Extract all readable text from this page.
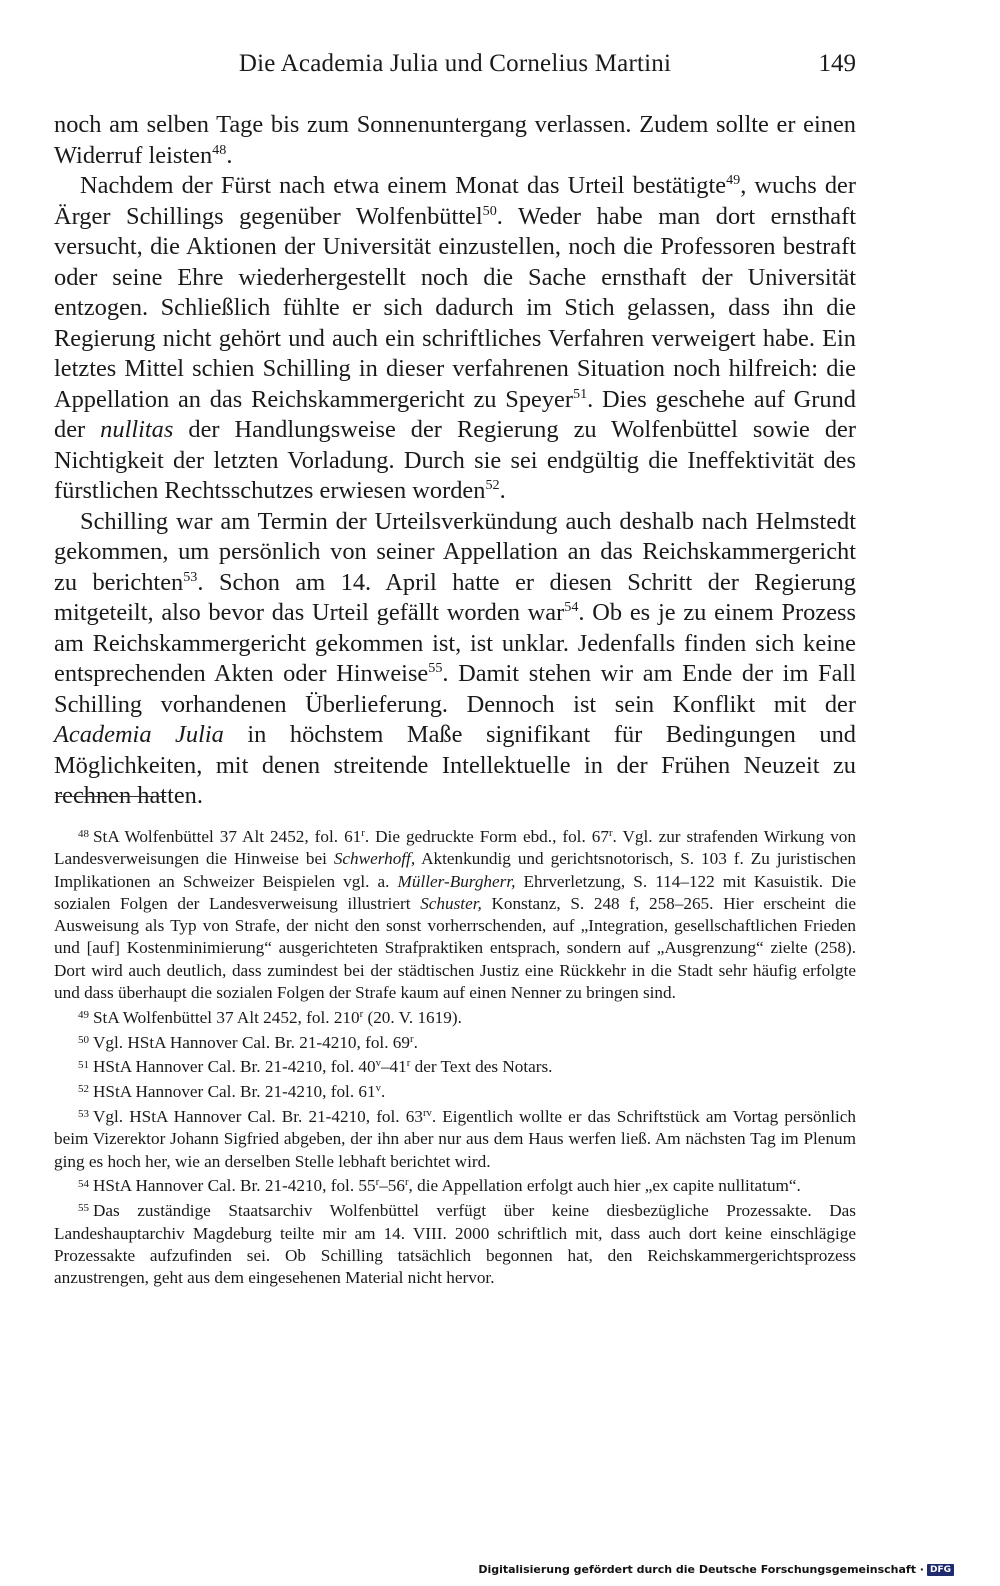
Die Academia Julia und Cornelius Martini	149

noch am selben Tage bis zum Sonnenuntergang verlassen. Zudem sollte er einen Widerruf leisten$^{48}$.

Nachdem der Fürst nach etwa einem Monat das Urteil bestätigte$^{49}$, wuchs der Ärger Schillings gegenüber Wolfenbüttel$^{50}$. Weder habe man dort ernsthaft versucht, die Aktionen der Universität einzustellen, noch die Professoren bestraft oder seine Ehre wiederhergestellt noch die Sache ernsthaft der Universität entzogen. Schließlich fühlte er sich dadurch im Stich gelassen, dass ihn die Regierung nicht gehört und auch ein schriftliches Verfahren verweigert habe. Ein letztes Mittel schien Schilling in dieser verfahrenen Situation noch hilfreich: die Appellation an das Reichskammergericht zu Speyer$^{51}$. Dies geschehe auf Grund der nullitas der Handlungsweise der Regierung zu Wolfenbüttel sowie der Nichtigkeit der letzten Vorladung. Durch sie sei endgültig die Ineffektivität des fürstlichen Rechtsschutzes erwiesen worden$^{52}$.

Schilling war am Termin der Urteilsverkündung auch deshalb nach Helmstedt gekommen, um persönlich von seiner Appellation an das Reichskammergericht zu berichten$^{53}$. Schon am 14. April hatte er diesen Schritt der Regierung mitgeteilt, also bevor das Urteil gefällt worden war$^{54}$. Ob es je zu einem Prozess am Reichskammergericht gekommen ist, ist unklar. Jedenfalls finden sich keine entsprechenden Akten oder Hinweise$^{55}$. Damit stehen wir am Ende der im Fall Schilling vorhandenen Überlieferung. Dennoch ist sein Konflikt mit der Academia Julia in höchstem Maße signifikant für Bedingungen und Möglichkeiten, mit denen streitende Intellektuelle in der Frühen Neuzeit zu rechnen hatten.

$^{48}$ StA Wolfenbüttel 37 Alt 2452, fol. 61$^r$. Die gedruckte Form ebd., fol. 67$^r$. Vgl. zur strafenden Wirkung von Landesverweisungen die Hinweise bei Schwerhoff, Aktenkundig und gerichtsnotorisch, S. 103 f. Zu juristischen Implikationen an Schweizer Beispielen vgl. a. Müller-Burgherr, Ehrverletzung, S. 114–122 mit Kasuistik. Die sozialen Folgen der Landesverweisung illustriert Schuster, Konstanz, S. 248 f, 258–265. Hier erscheint die Ausweisung als Typ von Strafe, der nicht den sonst vorherrschenden, auf „Integration, gesellschaftlichen Frieden und [auf] Kostenminimierung“ ausgerichteten Strafpraktiken entsprach, sondern auf „Ausgrenzung“ zielte (258). Dort wird auch deutlich, dass zumindest bei der städtischen Justiz eine Rückkehr in die Stadt sehr häufig erfolgte und dass überhaupt die sozialen Folgen der Strafe kaum auf einen Nenner zu bringen sind.

$^{49}$ StA Wolfenbüttel 37 Alt 2452, fol. 210$^r$ (20. V. 1619).

$^{50}$ Vgl. HStA Hannover Cal. Br. 21-4210, fol. 69$^r$.

$^{51}$ HStA Hannover Cal. Br. 21-4210, fol. 40$^v$–41$^r$ der Text des Notars.

$^{52}$ HStA Hannover Cal. Br. 21-4210, fol. 61$^v$.

$^{53}$ Vgl. HStA Hannover Cal. Br. 21-4210, fol. $63^{rv}$. Eigentlich wollte er das Schriftstück am Vortag persönlich beim Vizerektor Johann Sigfried abgeben, der ihn aber nur aus dem Haus werfen ließ. Am nächsten Tag im Plenum ging es hoch her, wie an derselben Stelle lebhaft berichtet wird.

$^{54}$ HStA Hannover Cal. Br. 21-4210, fol. 55$^r$–56$^r$, die Appellation erfolgt auch hier „ex capite nullitatum“.

$^{55}$ Das zuständige Staatsarchiv Wolfenbüttel verfügt über keine diesbezügliche Prozessakte. Das Landeshauptarchiv Magdeburg teilte mir am 14. VIII. 2000 schriftlich mit, dass auch dort keine einschlägige Prozessakte aufzufinden sei. Ob Schilling tatsächlich begonnen hat, den Reichskammergerichtsprozess anzustrengen, geht aus dem eingesehenen Material nicht hervor.

Digitalisierung gefördert durch die Deutsche Forschungsgemeinschaft · DFG
